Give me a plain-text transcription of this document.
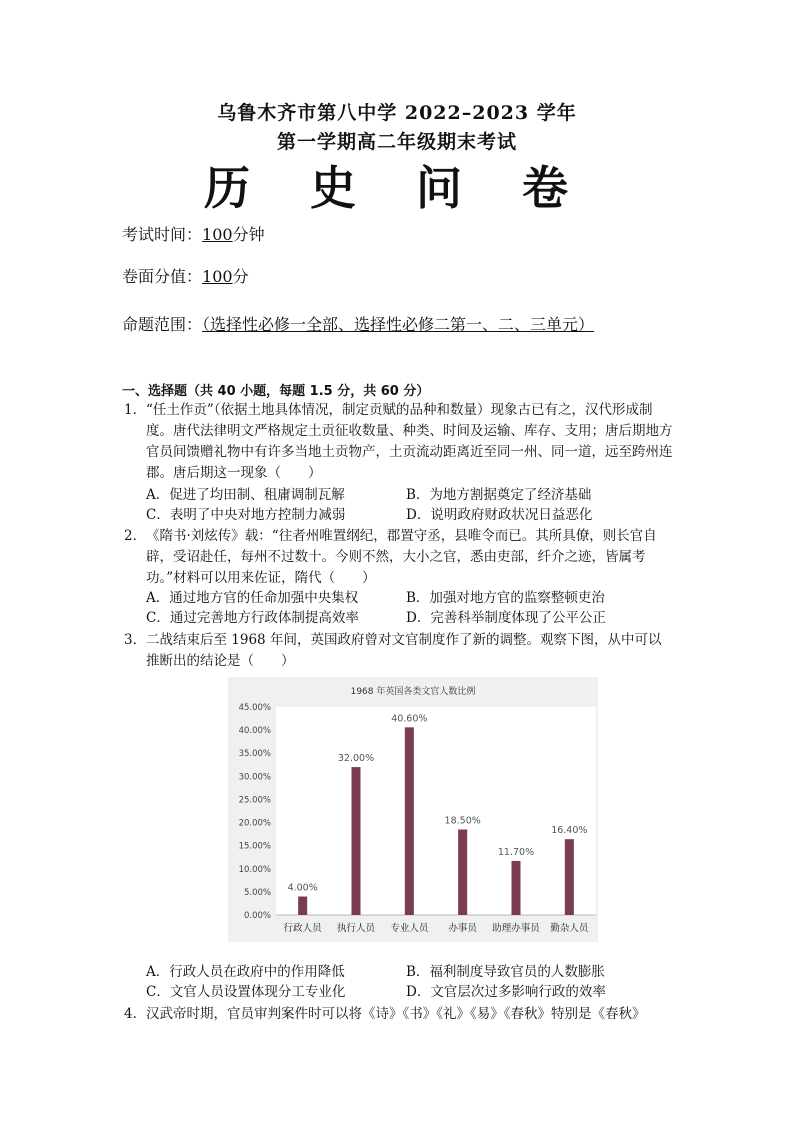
乌鲁木齐市第八中学 2022–2023 学年
第一学期高二年级期末考试
历 史 问 卷
考试时间：100分钟
卷面分值：100分
命题范围：（选择性必修一全部、选择性必修二第一、二、三单元）
一、选择题（共 40 小题，每题 1.5 分，共 60 分）
1． “任土作贡”（依据土地具体情况，制定贡赋的品种和数量）现象古已有之，汉代形成制度。唐代法律明文严格规定土贡征收数量、种类、时间及运输、库存、支用；唐后期地方官员间馈赠礼物中有许多当地土贡物产，土贡流动距离近至同一州、同一道，远至跨州连郡。唐后期这一现象（　　）
A．促进了均田制、租庸调制瓦解	B．为地方割据奠定了经济基础
C．表明了中央对地方控制力减弱	D．说明政府财政状况日益恶化
2． 《隋书·刘炫传》载：“往者州唯置纲纪，郡置守丞，县唯令而已。其所具僚，则长官自辟，受诏赴任，每州不过数十。今则不然，大小之官，悉由吏部，纤介之迹，皆属考功。”材料可以用来佐证，隋代（　　）
A．通过地方官的任命加强中央集权	B．加强对地方官的监察整顿吏治
C．通过完善地方行政体制提高效率	D．完善科举制度体现了公平公正
3． 二战结束后至 1968 年间，英国政府曾对文官制度作了新的调整。观察下图，从中可以推断出的结论是（　　）
1968 年英国各类文官人数比例
0.00%
5.00%
10.00%
15.00%
20.00%
25.00%
30.00%
35.00%
40.00%
45.00%
4.00%
行政人员
32.00%
执行人员
40.60%
专业人员
18.50%
办事员
11.70%
助理办事员
16.40%
勤杂人员
A．行政人员在政府中的作用降低	B．福利制度导致官员的人数膨胀
C．文官人员设置体现分工专业化	D．文官层次过多影响行政的效率
4． 汉武帝时期，官员审判案件时可以将《诗》《书》《礼》《易》《春秋》特别是《春秋》
